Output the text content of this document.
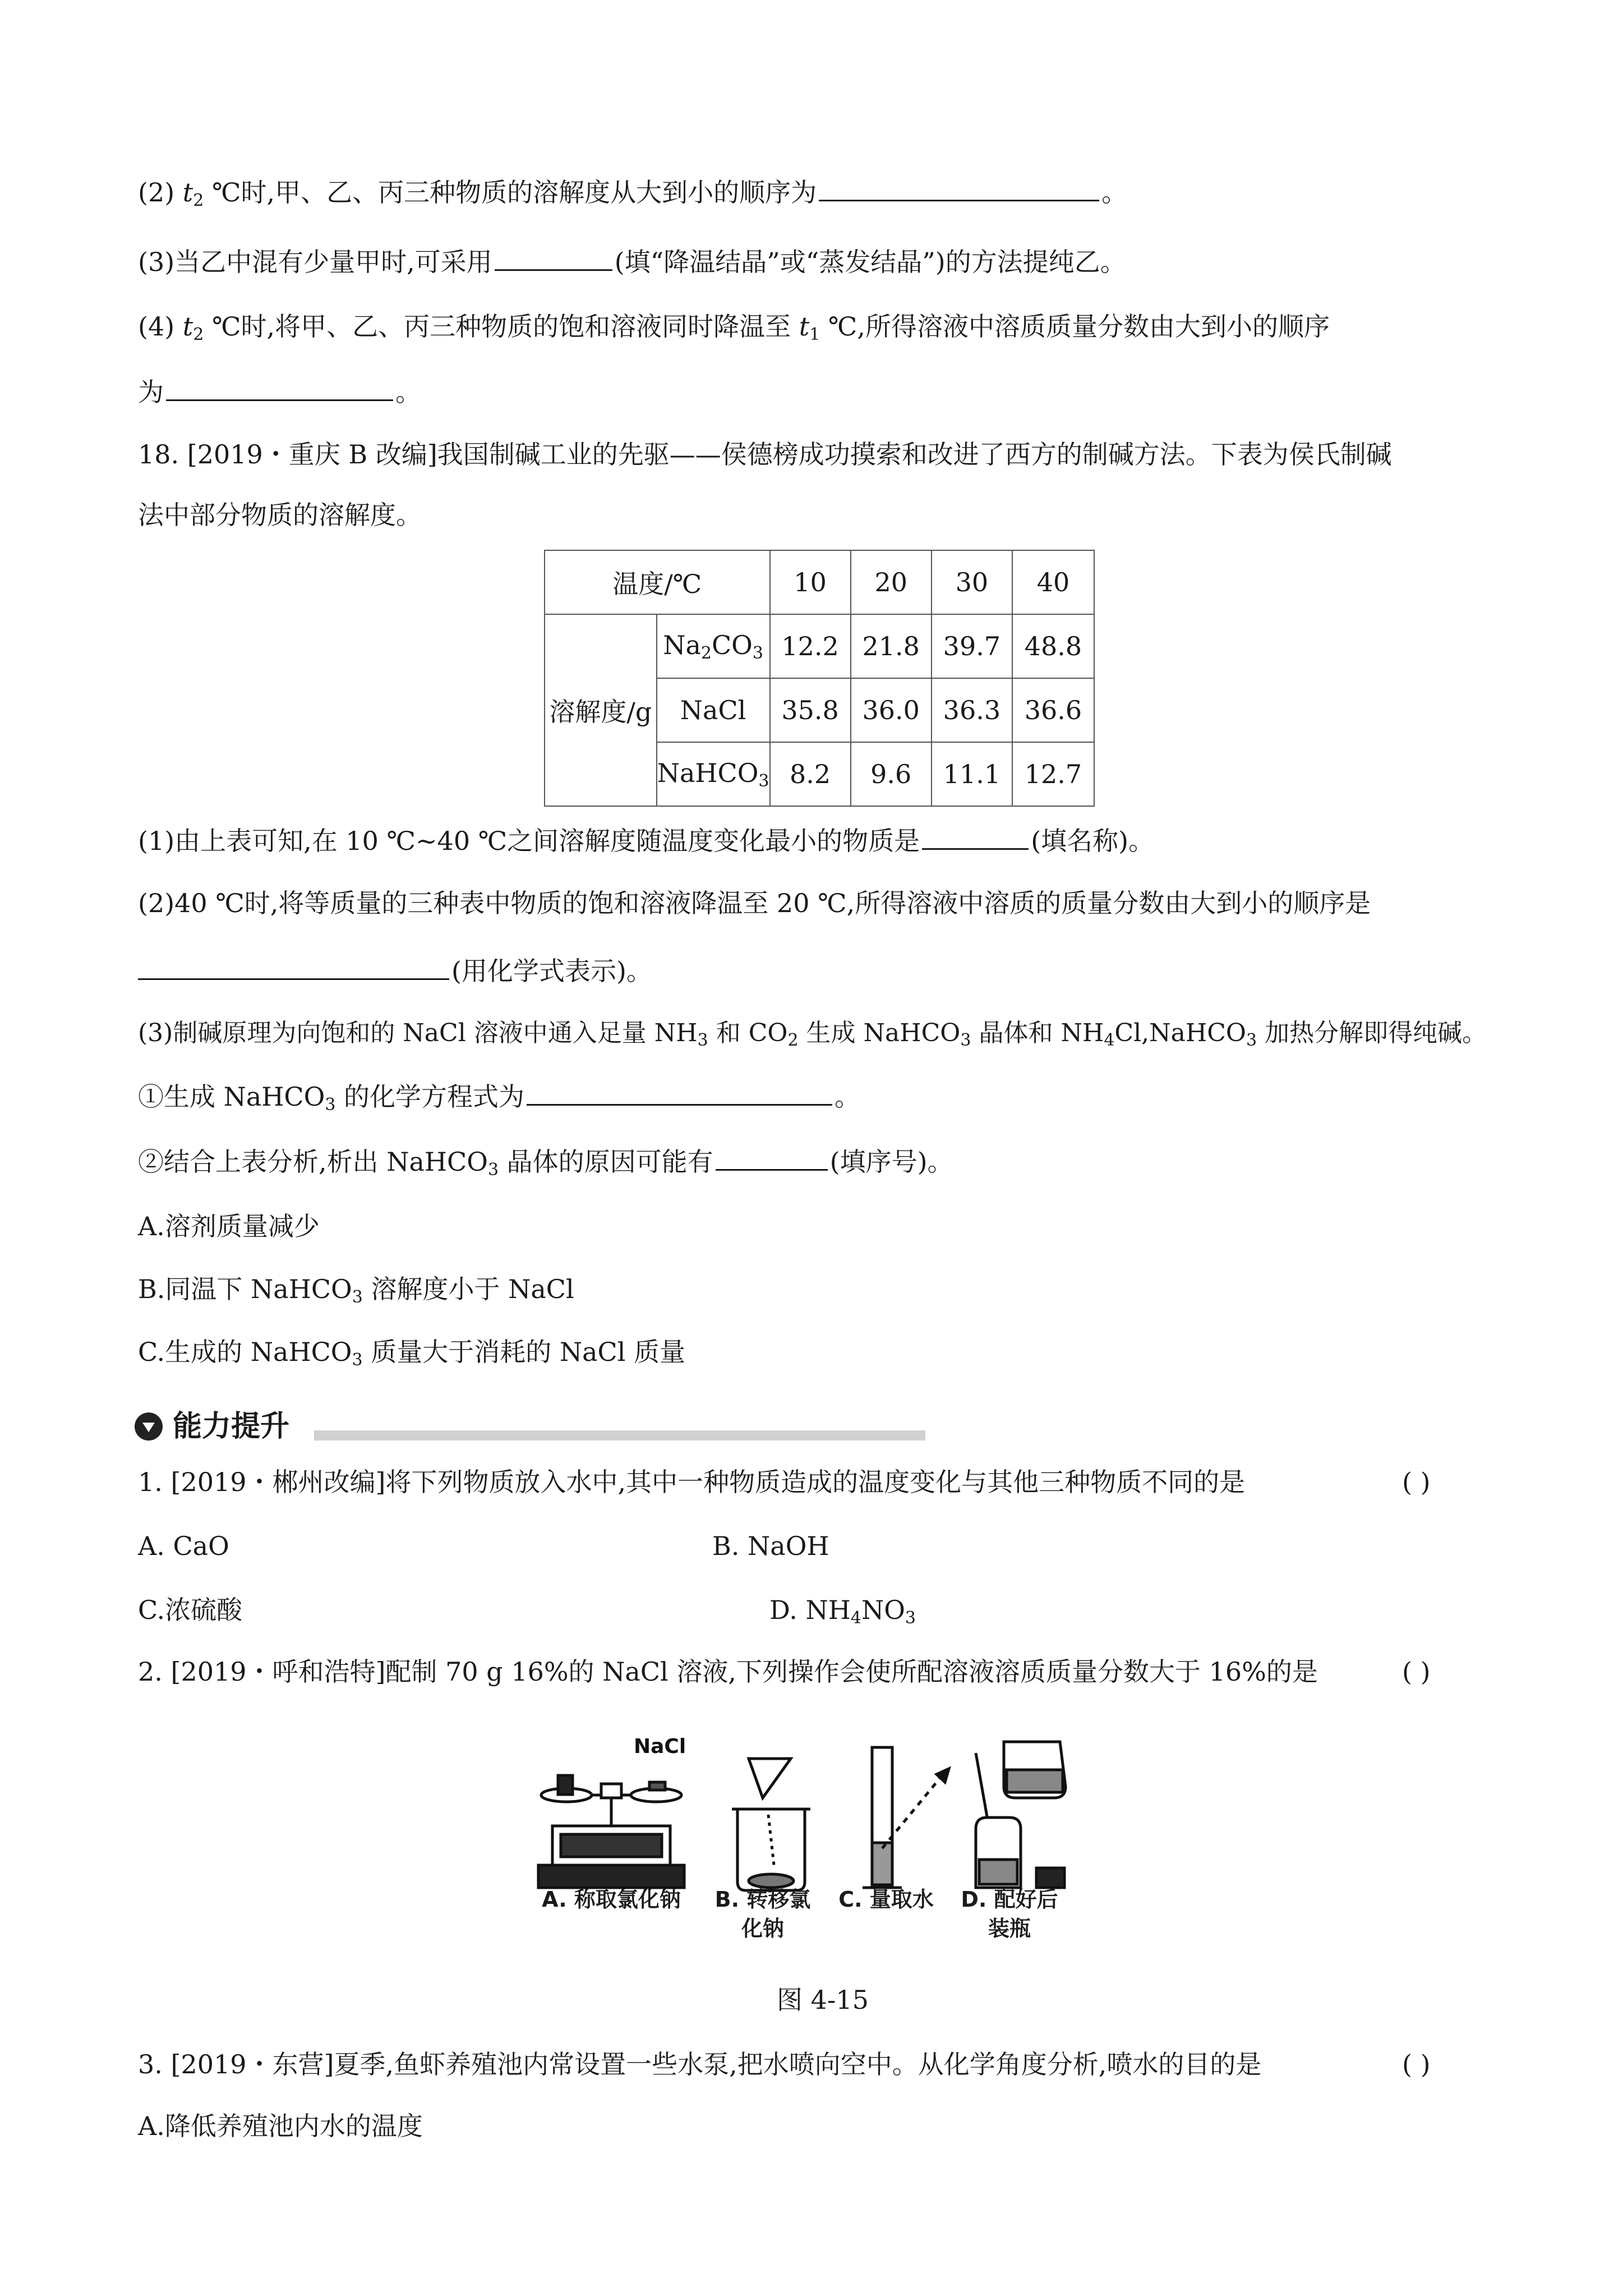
(2) $t_2$ ℃时,甲、乙、丙三种物质的溶解度从大到小的顺序为	。
(3)当乙中混有少量甲时,可采用	(填“降温结晶”或“蒸发结晶”)的方法提纯乙。
(4) $t_2$ ℃时,将甲、乙、丙三种物质的饱和溶液同时降温至 $t_1$ ℃,所得溶液中溶质质量分数由大到小的顺序
为	。
18. [2019・重庆 B 改编]我国制碱工业的先驱——侯德榜成功摸索和改进了西方的制碱方法。下表为侯氏制碱
法中部分物质的溶解度。
温度/℃		10	20	30	40
溶解度/g	$Na_2CO_3$	12.2	21.8	39.7	48.8
	NaCl	35.8	36.0	36.3	36.6
	NaHCO$_3$	8.2	9.6	11.1	12.7
(1)由上表可知,在 10 ℃~40 ℃之间溶解度随温度变化最小的物质是	(填名称)。
(2)40 ℃时,将等质量的三种表中物质的饱和溶液降温至 20 ℃,所得溶液中溶质的质量分数由大到小的顺序是
(用化学式表示)。
(3)制碱原理为向饱和的 NaCl 溶液中通入足量 $NH_3$ 和 $CO_2$ 生成 NaHCO$_3$ 晶体和 $NH_4Cl,NaHCO_3$ 加热分解即得纯碱。
①生成 NaHCO$_3$ 的化学方程式为	。
②结合上表分析,析出 NaHCO$_3$ 晶体的原因可能有	(填序号)。
A.溶剂质量减少
B.同温下 NaHCO$_3$ 溶解度小于 NaCl
C.生成的 NaHCO$_3$ 质量大于消耗的 NaCl 质量
能力提升
1. [2019・郴州改编]将下列物质放入水中,其中一种物质造成的温度变化与其他三种物质不同的是	( )
A. CaO	B. NaOH
C.浓硫酸	D. $NH_4NO_3$
2. [2019・呼和浩特]配制 70 g 16%的 NaCl 溶液,下列操作会使所配溶液溶质质量分数大于 16%的是	( )
NaCl
A. 称取氯化钠 B. 转移氯
化钠
C. 量取水	D. 配好后
装瓶
图 4-15
3. [2019・东营]夏季,鱼虾养殖池内常设置一些水泵,把水喷向空中。从化学角度分析,喷水的目的是	( )
A.降低养殖池内水的温度
